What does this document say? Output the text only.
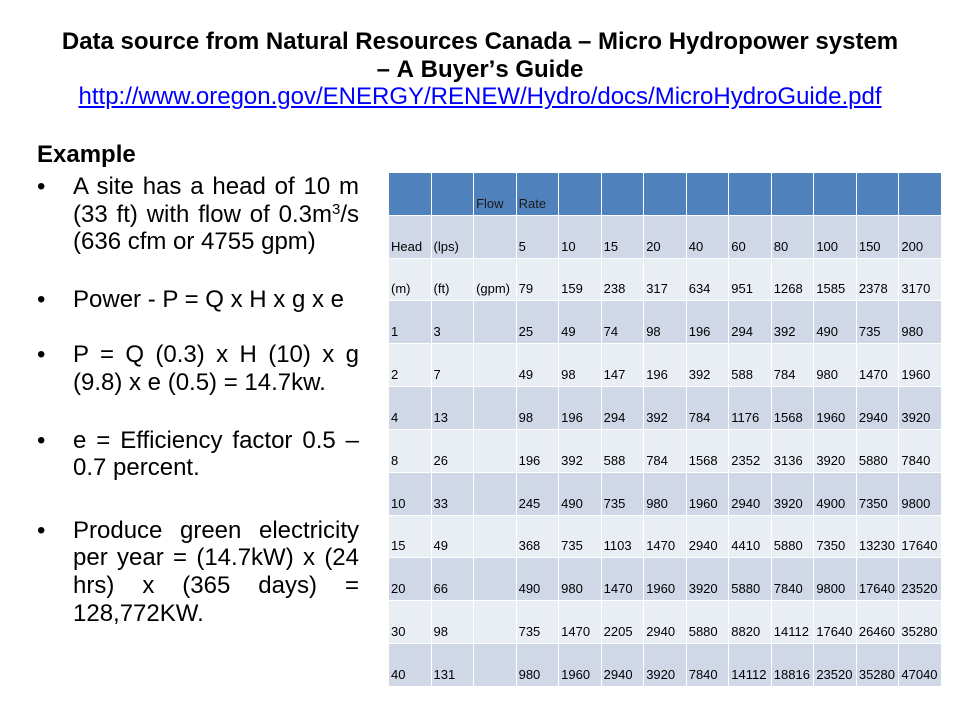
Data source from Natural Resources Canada – Micro Hydropower system – A Buyer’s Guide
http://www.oregon.gov/ENERGY/RENEW/Hydro/docs/MicroHydroGuide.pdf
Example
• A site has a head of 10 m (33 ft) with flow of $0.3m^3/s$ (636 cfm or 4755 gpm)
• Power - P = Q x H x g x e
• P = Q (0.3) x H (10) x g (9.8) x e (0.5) = 14.7kw.
• e = Efficiency factor 0.5 – 0.7 percent.
• Produce green electricity per year = (14.7kW) x (24 hrs) x (365 days) = 128,772KW.
		Flow	Rate									
Head	(lps)		5	10	15	20	40	60	80	100	150	200
(m)	(ft)	(gpm)	79	159	238	317	634	951	1268	1585	2378	3170
1	3		25	49	74	98	196	294	392	490	735	980
2	7		49	98	147	196	392	588	784	980	1470	1960
4	13		98	196	294	392	784	1176	1568	1960	2940	3920
8	26		196	392	588	784	1568	2352	3136	3920	5880	7840
10	33		245	490	735	980	1960	2940	3920	4900	7350	9800
15	49		368	735	1103	1470	2940	4410	5880	7350	13230	17640
20	66		490	980	1470	1960	3920	5880	7840	9800	17640	23520
30	98		735	1470	2205	2940	5880	8820	14112	17640	26460	35280
40	131		980	1960	2940	3920	7840	14112	18816	23520	35280	47040
